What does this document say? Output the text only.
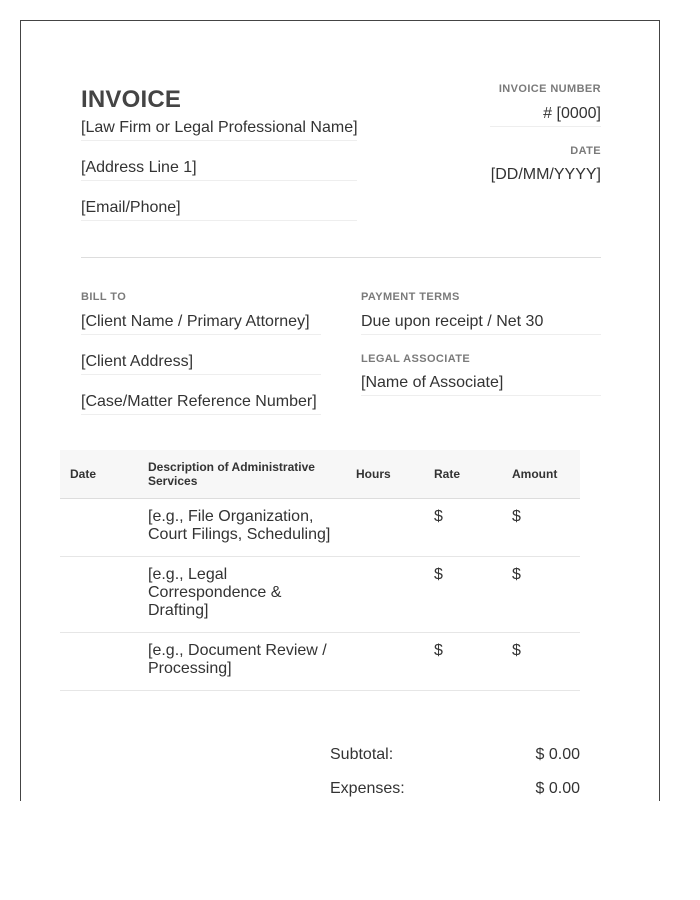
INVOICE
[Law Firm or Legal Professional Name]
[Address Line 1]
[Email/Phone]
INVOICE NUMBER
# [0000]
DATE
[DD/MM/YYYY]
BILL TO
[Client Name / Primary Attorney]
[Client Address]
[Case/Matter Reference Number]
PAYMENT TERMS
Due upon receipt / Net 30
LEGAL ASSOCIATE
[Name of Associate]
Date	Description of Administrative Services	Hours	Rate	Amount
	[e.g., File Organization, Court Filings, Scheduling]		$	$
	[e.g., Legal Correspondence & Drafting]		$	$
	[e.g., Document Review / Processing]		$	$
Subtotal:	$ 0.00
Expenses:	$ 0.00
